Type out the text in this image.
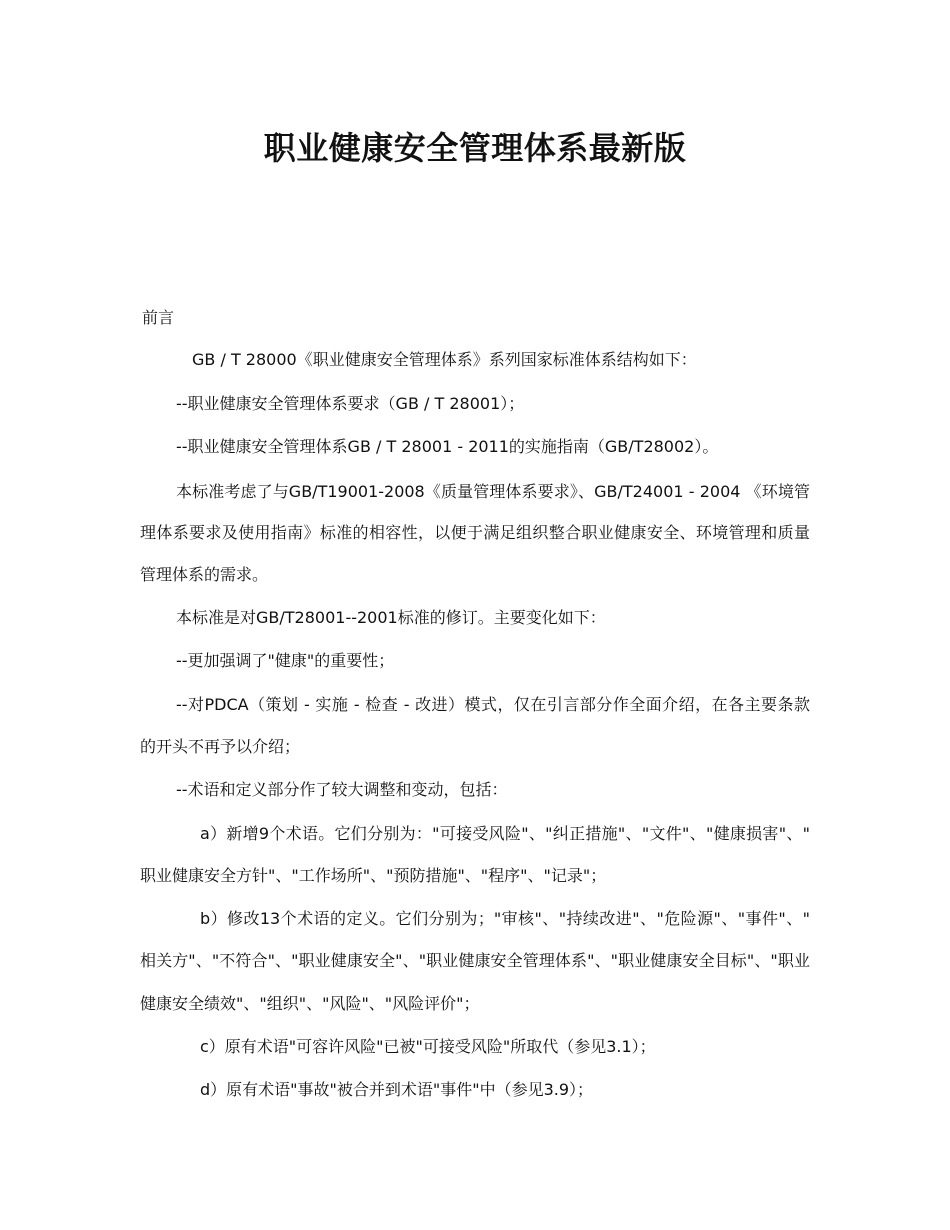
职业健康安全管理体系最新版
前言
GB / T 28000《职业健康安全管理体系》系列国家标准体系结构如下：
--职业健康安全管理体系要求（GB / T 28001）；
--职业健康安全管理体系GB / T 28001 - 2011的实施指南（GB/T28002）。
本标准考虑了与GB/T19001-2008《质量管理体系要求》、GB/T24001 - 2004 《环境管
理体系要求及使用指南》标准的相容性，以便于满足组织整合职业健康安全、环境管理和质量
管理体系的需求。
本标准是对GB/T28001--2001标准的修订。主要变化如下：
--更加强调了"健康"的重要性；
--对PDCA（策划 - 实施 - 检查 - 改进）模式，仅在引言部分作全面介绍，在各主要条款
的开头不再予以介绍；
--术语和定义部分作了较大调整和变动，包括：
a）新增9个术语。它们分别为："可接受风险"、"纠正措施"、"文件"、"健康损害"、"
职业健康安全方针"、"工作场所"、"预防措施"、"程序"、"记录"；
b）修改13个术语的定义。它们分别为；"审核"、"持续改进"、"危险源"、"事件"、"
相关方"、"不符合"、"职业健康安全"、"职业健康安全管理体系"、"职业健康安全目标"、"职业
健康安全绩效"、"组织"、"风险"、"风险评价"；
c）原有术语"可容许风险"已被"可接受风险"所取代（参见3.1）；
d）原有术语"事故"被合并到术语"事件"中（参见3.9）；
